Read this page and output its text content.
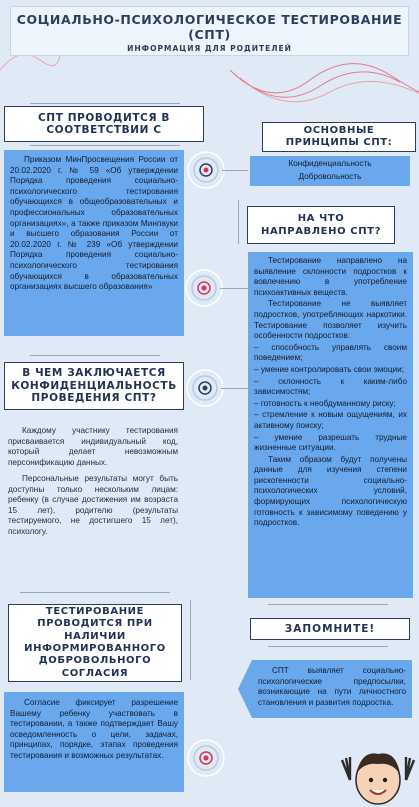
СОЦИАЛЬНО-ПСИХОЛОГИЧЕСКОЕ ТЕСТИРОВАНИЕ
(СПТ)
ИНФОРМАЦИЯ ДЛЯ РОДИТЕЛЕЙ
СПТ ПРОВОДИТСЯ В СООТВЕТСТВИИ С

Приказом МинПросвещения России от 20.02.2020 г. № 59 «Об утверждении Порядка проведения социально-психологического тестирования обучающихся в общеобразовательных и профессиональных образовательных организациях», а также приказом Минпауки и высшего образования России от 20.02.2020 г. № 239 «Об утверждении Порядка проведения социально-психологического тестирования обучающихся в образовательных организациях высшего образования»

ОСНОВНЫЕ ПРИНЦИПЫ СПТ:
Конфиденциальность
Добровольность
НА ЧТО НАПРАВЛЕНО СПТ?

Тестирование направлено на выявление склонности подростков к вовлечению в употребление психоактивных веществ.

Тестирование не выявляет подростков, употребляющих наркотики. Тестирование позволяет изучить особенности подростков:

– способность управлять своим поведением;

– умение контролировать свои эмоции;

– склонность к каким-либо зависимостям;

– готовность к необдуманному риску;

– стремление к новым ощущениям, их активному поиску;

– умение разрешать трудные жизненные ситуации.

Таким образом будут получены данные для изучения степени рискогенности социально-психологических условий, формирующих психологическую готовность к зависимому поведению у подростков.

В ЧЕМ ЗАКЛЮЧАЕТСЯ КОНФИДЕНЦИАЛЬНОСТЬ ПРОВЕДЕНИЯ СПТ?

Каждому участнику тестирования присваивается индивидуальный код, который делает невозможным персонификацию данных.

Персональные результаты могут быть доступны только нескольким лицам: ребенку (в случае достижения им возраста 15 лет), родителю (результаты тестируемого, не достигшего 15 лет), психологу.

ТЕСТИРОВАНИЕ ПРОВОДИТСЯ ПРИ НАЛИЧИИ ИНФОРМИРОВАННОГО ДОБРОВОЛЬНОГО СОГЛАСИЯ

Согласие фиксирует разрешение Вашему ребенку участвовать в тестировании, а также подтверждает Вашу осведомленность о цели, задачах, принципах, порядке, этапах проведения тестирования и возможных результатах.

ЗАПОМНИТЕ!

СПТ выявляет социально-психологические предпосылки, возникающие на пути личностного становления и развития подростка.
